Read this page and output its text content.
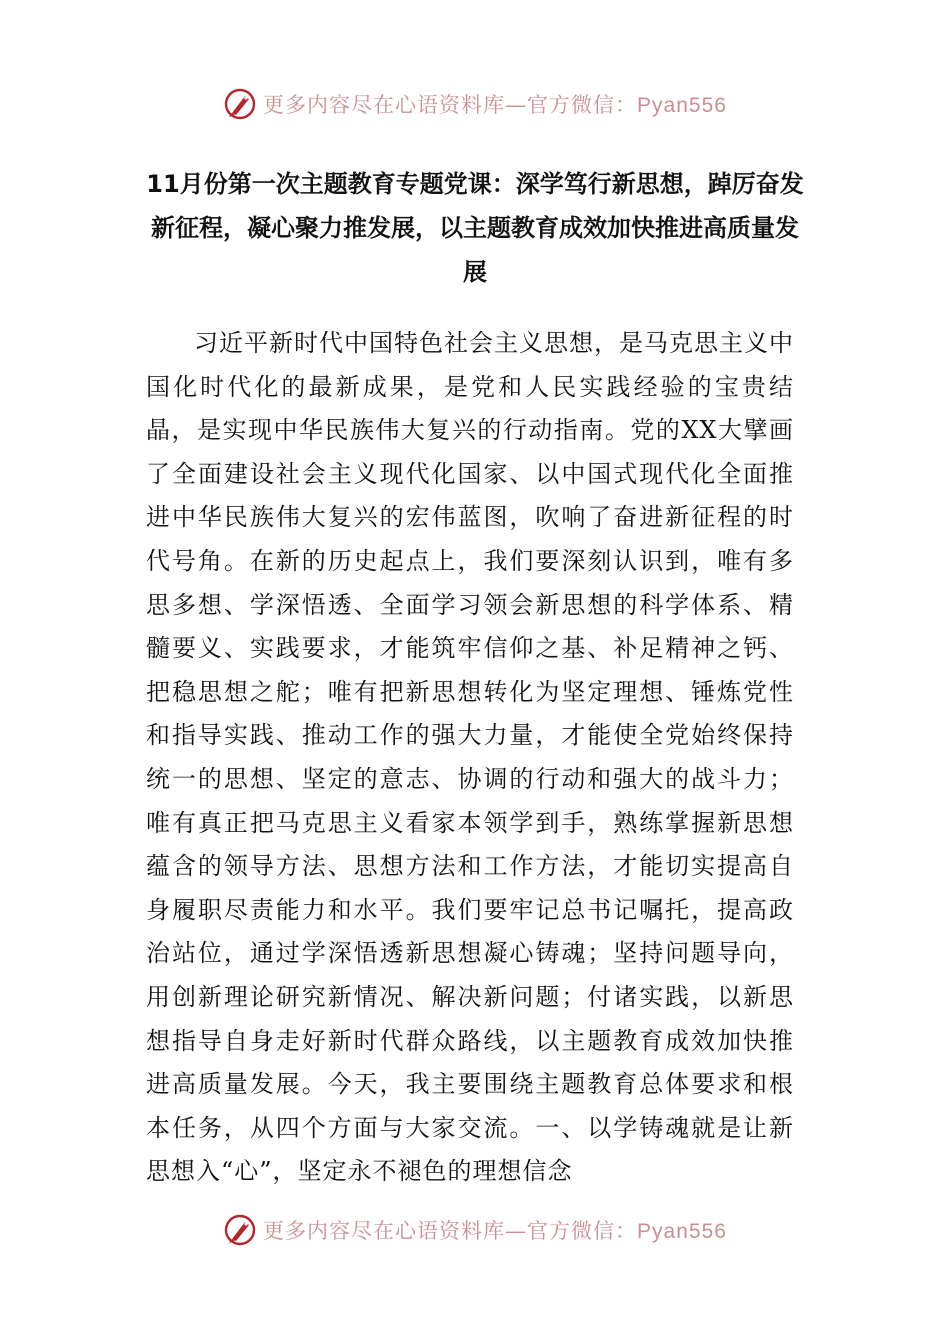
更多内容尽在心语资料库—官方微信：Pyan556
11月份第一次主题教育专题党课：深学笃行新思想，踔厉奋发新征程，凝心聚力推发展，以主题教育成效加快推进高质量发展

习近平新时代中国特色社会主义思想，是马克思主义中国化时代化的最新成果，是党和人民实践经验的宝贵结晶，是实现中华民族伟大复兴的行动指南。党的XX大擘画了全面建设社会主义现代化国家、以中国式现代化全面推进中华民族伟大复兴的宏伟蓝图，吹响了奋进新征程的时代号角。在新的历史起点上，我们要深刻认识到，唯有多思多想、学深悟透、全面学习领会新思想的科学体系、精髓要义、实践要求，才能筑牢信仰之基、补足精神之钙、把稳思想之舵；唯有把新思想转化为坚定理想、锤炼党性和指导实践、推动工作的强大力量，才能使全党始终保持统一的思想、坚定的意志、协调的行动和强大的战斗力；唯有真正把马克思主义看家本领学到手，熟练掌握新思想蕴含的领导方法、思想方法和工作方法，才能切实提高自身履职尽责能力和水平。我们要牢记总书记嘱托，提高政治站位，通过学深悟透新思想凝心铸魂；坚持问题导向，用创新理论研究新情况、解决新问题；付诸实践，以新思想指导自身走好新时代群众路线，以主题教育成效加快推进高质量发展。今天，我主要围绕主题教育总体要求和根本任务，从四个方面与大家交流。一、以学铸魂就是让新思想入“心”，坚定永不褪色的理想信念

更多内容尽在心语资料库—官方微信：Pyan556
